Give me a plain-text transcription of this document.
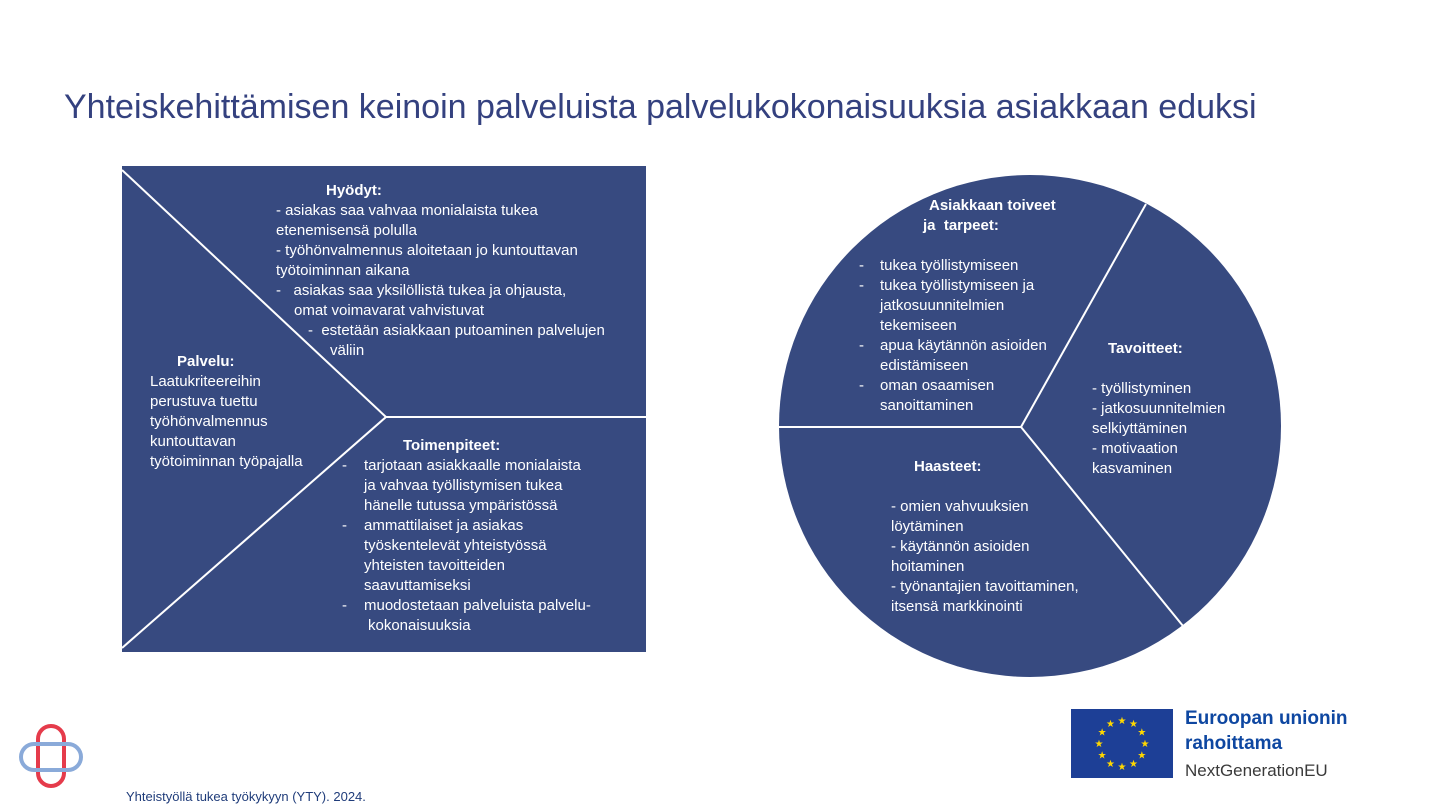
Yhteiskehittämisen keinoin palveluista palvelukokonaisuuksia asiakkaan eduksi
★ ★
★
★
★
★
★
★
★
★
★
★
Hyödyt:
- asiakas saa vahvaa monialaista tukea
etenemisensä polulla
- työhönvalmennus aloitetaan jo kuntouttavan
työtoiminnan aikana
-   asiakas saa yksilöllistä tukea ja ohjausta,
omat voimavarat vahvistuvat
-  estetään asiakkaan putoaminen palvelujen
väliin
Palvelu:
Laatukriteereihin
perustuva tuettu
työhönvalmennus
kuntouttavan
työtoiminnan työpajalla
Toimenpiteet:
- tarjotaan asiakkaalle monialaista
ja vahvaa työllistymisen tukea
hänelle tutussa ympäristössä
- ammattilaiset ja asiakas
työskentelevät yhteistyössä
yhteisten tavoitteiden
saavuttamiseksi
- muodostetaan palveluista palvelu-
kokonaisuuksia
Asiakkaan toiveet
ja  tarpeet:
- tukea työllistymiseen
- tukea työllistymiseen ja
jatkosuunnitelmien
tekemiseen
- apua käytännön asioiden
edistämiseen
- oman osaamisen
sanoittaminen
Tavoitteet:
- työllistyminen
- jatkosuunnitelmien
selkiyttäminen
- motivaation
kasvaminen
Haasteet:
- omien vahvuuksien
löytäminen
- käytännön asioiden
hoitaminen
- työnantajien tavoittaminen,
itsensä markkinointi
Yhteistyöllä tukea työkykyyn (YTY). 2024.
Euroopan unionin
rahoittama
NextGenerationEU
